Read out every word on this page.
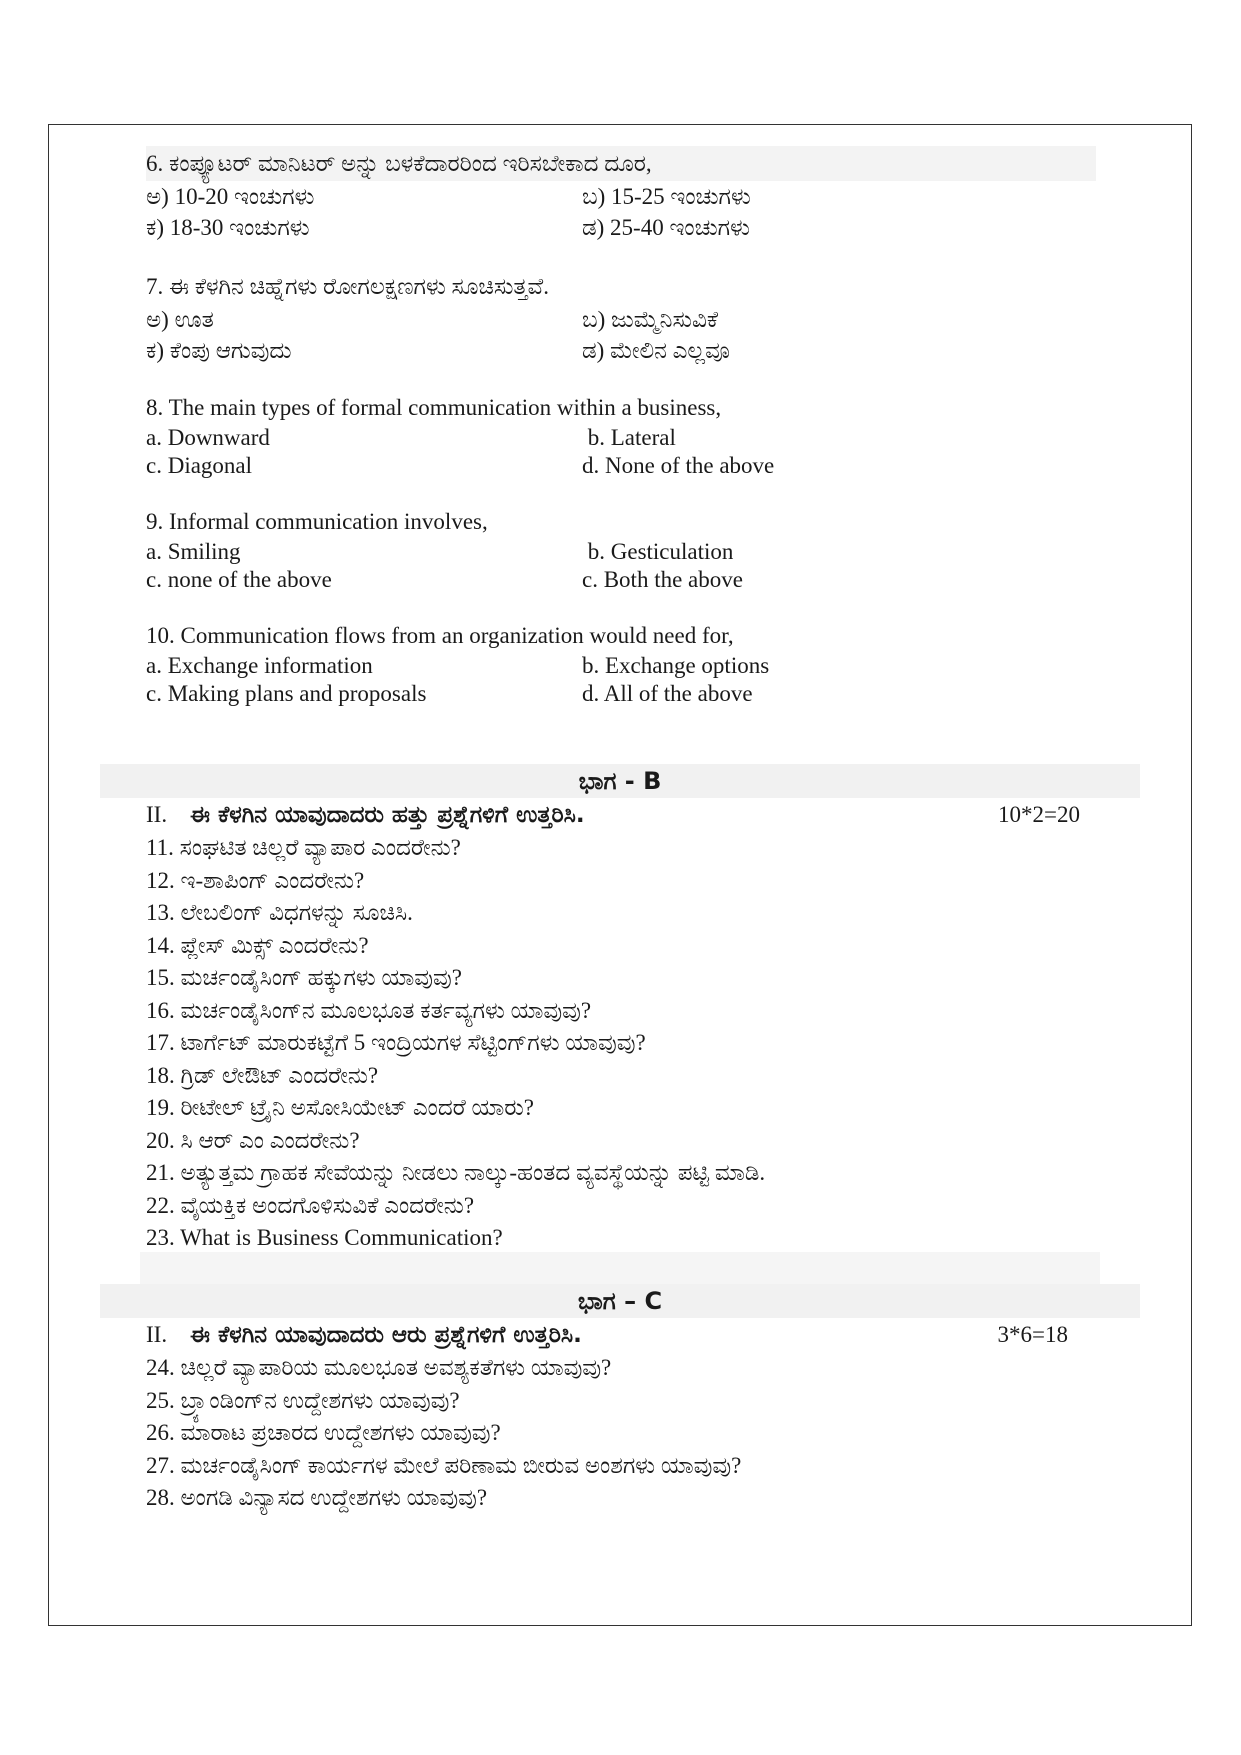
6. ಕಂಪ್ಯೂಟರ್ ಮಾನಿಟರ್ ಅನ್ನು ಬಳಕೆದಾರರಿಂದ ಇರಿಸಬೇಕಾದ ದೂರ,
ಅ) 10-20 ಇಂಚುಗಳು	ಬ) 15-25 ಇಂಚುಗಳು
ಕ) 18-30 ಇಂಚುಗಳು	ಡ) 25-40 ಇಂಚುಗಳು
7. ಈ ಕೆಳಗಿನ ಚಿಹ್ನೆಗಳು ರೋಗಲಕ್ಷಣಗಳು ಸೂಚಿಸುತ್ತವೆ.
ಅ) ಊತ	ಬ) ಜುಮ್ಮೆನಿಸುವಿಕೆ
ಕ) ಕೆಂಪು ಆಗುವುದು	ಡ) ಮೇಲಿನ ಎಲ್ಲವೂ
8. The main types of formal communication within a business,
a. Downward	b. Lateral
c. Diagonal	d. None of the above
9. Informal communication involves,
a. Smiling	b. Gesticulation
c. none of the above	c. Both the above
10. Communication flows from an organization would need for,
a. Exchange information	b. Exchange options
c. Making plans and proposals	d. All of the above
ಭಾಗ - B
II. ಈ ಕೆಳಗಿನ ಯಾವುದಾದರು ಹತ್ತು ಪ್ರಶ್ನೆಗಳಿಗೆ ಉತ್ತರಿಸಿ.	10*2=20
11. ಸಂಘಟಿತ ಚಿಲ್ಲರೆ ವ್ಯಾಪಾರ ಎಂದರೇನು?
12. ಇ-ಶಾಪಿಂಗ್ ಎಂದರೇನು?
13. ಲೇಬಲಿಂಗ್ ವಿಧಗಳನ್ನು ಸೂಚಿಸಿ.
14. ಪ್ಲೇಸ್ ಮಿಕ್ಸ್ ಎಂದರೇನು?
15. ಮರ್ಚಂಡೈಸಿಂಗ್ ಹಕ್ಕುಗಳು ಯಾವುವು?
16. ಮರ್ಚಂಡೈಸಿಂಗ್‌ನ ಮೂಲಭೂತ ಕರ್ತವ್ಯಗಳು ಯಾವುವು?
17. ಟಾರ್ಗೆಟ್ ಮಾರುಕಟ್ಟೆಗೆ 5 ಇಂದ್ರಿಯಗಳ ಸೆಟ್ಟಿಂಗ್‌ಗಳು ಯಾವುವು?
18. ಗ್ರಿಡ್ ಲೇಔಟ್ ಎಂದರೇನು?
19. ರೀಟೇಲ್ ಟ್ರೈನಿ ಅಸೋಸಿಯೇಟ್ ಎಂದರೆ ಯಾರು?
20. ಸಿ ಆರ್ ಎಂ ಎಂದರೇನು?
21. ಅತ್ಯುತ್ತಮ ಗ್ರಾಹಕ ಸೇವೆಯನ್ನು ನೀಡಲು ನಾಲ್ಕು-ಹಂತದ ವ್ಯವಸ್ಥೆಯನ್ನು ಪಟ್ಟಿ ಮಾಡಿ.
22. ವೈಯಕ್ತಿಕ ಅಂದಗೊಳಿಸುವಿಕೆ ಎಂದರೇನು?
23. What is Business Communication?
ಭಾಗ – C
II. ಈ ಕೆಳಗಿನ ಯಾವುದಾದರು ಆರು ಪ್ರಶ್ನೆಗಳಿಗೆ ಉತ್ತರಿಸಿ.	3*6=18
24. ಚಿಲ್ಲರೆ ವ್ಯಾಪಾರಿಯ ಮೂಲಭೂತ ಅವಶ್ಯಕತೆಗಳು ಯಾವುವು?
25. ಬ್ರ್ಯಾಂಡಿಂಗ್‌ನ ಉದ್ದೇಶಗಳು ಯಾವುವು?
26. ಮಾರಾಟ ಪ್ರಚಾರದ ಉದ್ದೇಶಗಳು ಯಾವುವು?
27. ಮರ್ಚಂಡೈಸಿಂಗ್ ಕಾರ್ಯಗಳ ಮೇಲೆ ಪರಿಣಾಮ ಬೀರುವ ಅಂಶಗಳು ಯಾವುವು?
28. ಅಂಗಡಿ ವಿನ್ಯಾಸದ ಉದ್ದೇಶಗಳು ಯಾವುವು?
